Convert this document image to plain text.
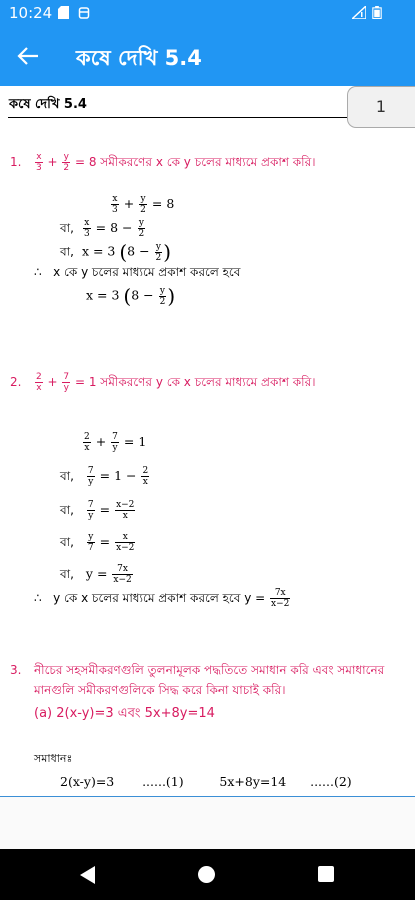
10:24
কষে দেখি 5.4
কষে দেখি 5.4	1
1. $\frac{x}{3} + \frac{y}{2} = 8$ সমীকরণের x কে y চলের মাধ্যমে প্রকাশ করি।
$\frac{x}{3} + \frac{y}{2} = 8$
বা, $\frac{x}{3} = 8 - \frac{y}{2}$
বা, x = 3 ($8 - \frac{y}{2}$ )
∴ x কে y চলের মাধ্যমে প্রকাশ করলে হবে
x = 3 ($8 - \frac{y}{2}$ )
2. $\frac{2}{x} + \frac{7}{y} = 1$ সমীকরণের y কে x চলের মাধ্যমে প্রকাশ করি।
$\frac{2}{x} + \frac{7}{y} = 1$
বা, $\frac{7}{y} = 1 - \frac{2}{x}$
বা, $\frac{7}{y} = \frac{x-2}{x}$
বা, $\frac{y}{7} = \frac{x}{x-2}$
বা,   $y = \frac{7x}{x-2}$
∴ y কে x চলের মাধ্যমে প্রকাশ করলে হবে $y = \frac{7x}{x-2}$
3. নীচের সহসমীকরণগুলি তুলনামূলক পদ্ধতিতে সমাধান করি এবং সমাধানের
মানগুলি সমীকরণগুলিকে সিদ্ধ করে কিনা যাচাই করি।
(a) 2(x-y)=3 এবং 5x+8y=14
সমাধানঃ
2(x-y)=3 ......(1)	5x+8y=14 ......(2)
